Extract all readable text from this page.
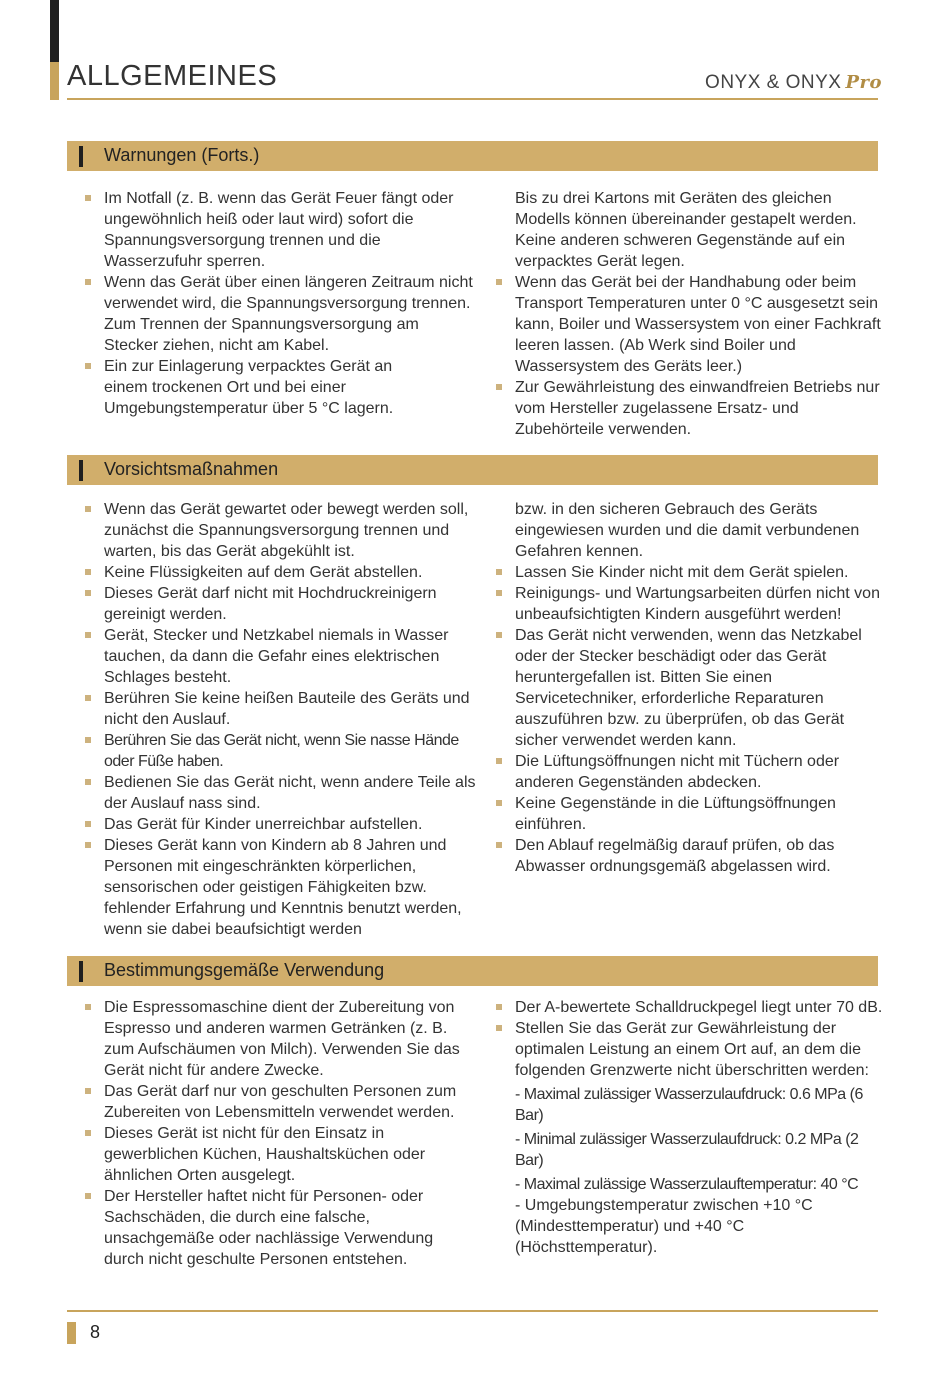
ALLGEMEINES	ONYX & ONYX Pro
Warnungen (Forts.)
Im Notfall (z. B. wenn das Gerät Feuer fängt oder ungewöhnlich heiß oder laut wird) sofort die Spannungsversorgung trennen und die Wasserzufuhr sperren.
Wenn das Gerät über einen längeren Zeitraum nicht verwendet wird, die Spannungsversorgung trennen. Zum Trennen der Spannungsversorgung am Stecker ziehen, nicht am Kabel.
Ein zur Einlagerung verpacktes Gerät an einem trockenen Ort und bei einer Umgebungstemperatur über 5 °C lagern.
Bis zu drei Kartons mit Geräten des gleichen Modells können übereinander gestapelt werden. Keine anderen schweren Gegenstände auf ein verpacktes Gerät legen.
Wenn das Gerät bei der Handhabung oder beim Transport Temperaturen unter 0 °C ausgesetzt sein kann, Boiler und Wassersystem von einer Fachkraft leeren lassen. (Ab Werk sind Boiler und Wassersystem des Geräts leer.)
Zur Gewährleistung des einwandfreien Betriebs nur vom Hersteller zugelassene Ersatz- und Zubehörteile verwenden.
Vorsichtsmaßnahmen
Wenn das Gerät gewartet oder bewegt werden soll, zunächst die Spannungsversorgung trennen und warten, bis das Gerät abgekühlt ist.
Keine Flüssigkeiten auf dem Gerät abstellen.
Dieses Gerät darf nicht mit Hochdruckreinigern gereinigt werden.
Gerät, Stecker und Netzkabel niemals in Wasser tauchen, da dann die Gefahr eines elektrischen Schlages besteht.
Berühren Sie keine heißen Bauteile des Geräts und nicht den Auslauf.
Berühren Sie das Gerät nicht, wenn Sie nasse Hände oder Füße haben.
Bedienen Sie das Gerät nicht, wenn andere Teile als der Auslauf nass sind.
Das Gerät für Kinder unerreichbar aufstellen.
Dieses Gerät kann von Kindern ab 8 Jahren und Personen mit eingeschränkten körperlichen, sensorischen oder geistigen Fähigkeiten bzw. fehlender Erfahrung und Kenntnis benutzt werden, wenn sie dabei beaufsichtigt werden
bzw. in den sicheren Gebrauch des Geräts eingewiesen wurden und die damit verbundenen Gefahren kennen.
Lassen Sie Kinder nicht mit dem Gerät spielen.
Reinigungs- und Wartungsarbeiten dürfen nicht von unbeaufsichtigten Kindern ausgeführt werden!
Das Gerät nicht verwenden, wenn das Netzkabel oder der Stecker beschädigt oder das Gerät heruntergefallen ist. Bitten Sie einen Servicetechniker, erforderliche Reparaturen auszuführen bzw. zu überprüfen, ob das Gerät sicher verwendet werden kann.
Die Lüftungsöffnungen nicht mit Tüchern oder anderen Gegenständen abdecken.
Keine Gegenstände in die Lüftungsöffnungen einführen.
Den Ablauf regelmäßig darauf prüfen, ob das Abwasser ordnungsgemäß abgelassen wird.
Bestimmungsgemäße Verwendung
Die Espressomaschine dient der Zubereitung von Espresso und anderen warmen Getränken (z. B. zum Aufschäumen von Milch). Verwenden Sie das Gerät nicht für andere Zwecke.
Das Gerät darf nur von geschulten Personen zum Zubereiten von Lebensmitteln verwendet werden.
Dieses Gerät ist nicht für den Einsatz in gewerblichen Küchen, Haushaltsküchen oder ähnlichen Orten ausgelegt.
Der Hersteller haftet nicht für Personen- oder Sachschäden, die durch eine falsche, unsachgemäße oder nachlässige Verwendung durch nicht geschulte Personen entstehen.
Der A-bewertete Schalldruckpegel liegt unter 70 dB.
Stellen Sie das Gerät zur Gewährleistung der optimalen Leistung an einem Ort auf, an dem die folgenden Grenzwerte nicht überschritten werden:
- Maximal zulässiger Wasserzulaufdruck: 0.6 MPa (6 Bar)
- Minimal zulässiger Wasserzulaufdruck: 0.2 MPa (2 Bar)
- Maximal zulässige Wasserzulauftemperatur: 40 °C
- Umgebungstemperatur zwischen +10 °C (Mindesttemperatur) und +40 °C (Höchsttemperatur).
8
